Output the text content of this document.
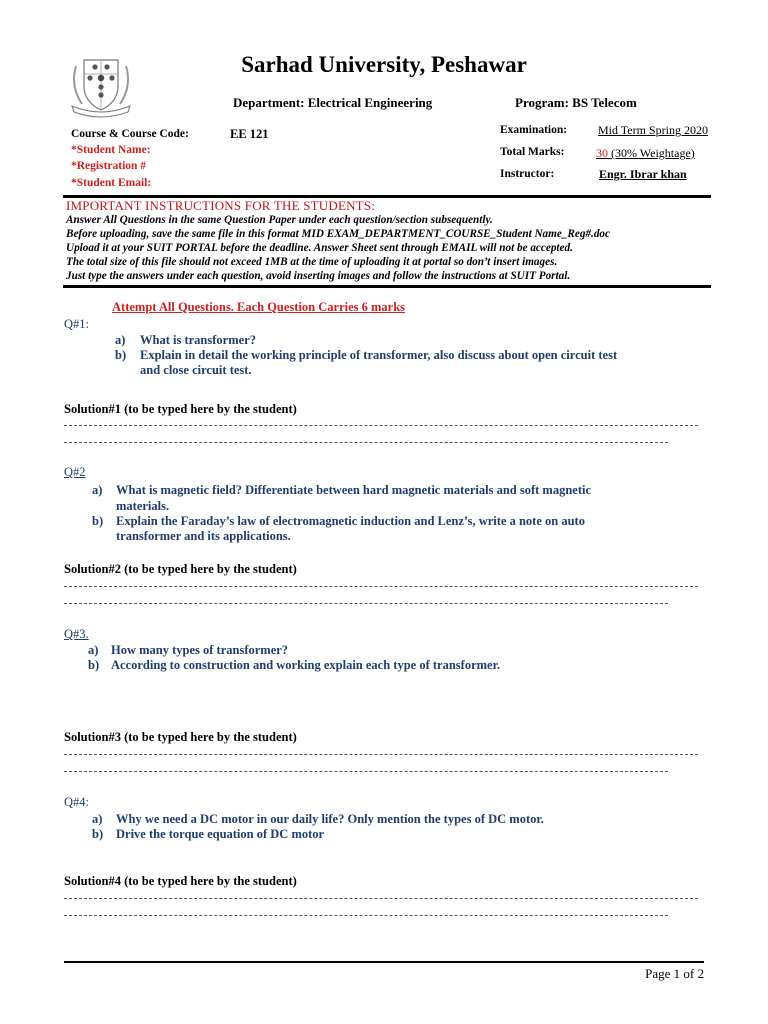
Sarhad University, Peshawar
Department: Electrical Engineering	Program: BS Telecom
Course & Course Code:	EE 121
*Student Name:
*Registration #
*Student Email:
Examination:	Mid Term Spring 2020
Total Marks:	30 (30% Weightage)
Instructor:	Engr. Ibrar khan
IMPORTANT INSTRUCTIONS FOR THE STUDENTS:
Answer All Questions in the same Question Paper under each question/section subsequently.
Before uploading, save the same file in this format MID EXAM_DEPARTMENT_COURSE_Student Name_Reg#.doc
Upload it at your SUIT PORTAL before the deadline. Answer Sheet sent through EMAIL will not be accepted.
The total size of this file should not exceed 1MB at the time of uploading it at portal so don’t insert images.
Just type the answers under each question, avoid inserting images and follow the instructions at SUIT Portal.
Attempt All Questions. Each Question Carries 6 marks
Q#1:
a) What is transformer?
b) Explain in detail the working principle of transformer, also discuss about open circuit test
and close circuit test.
Solution#1 (to be typed here by the student)
Q#2
a) What is magnetic field? Differentiate between hard magnetic materials and soft magnetic
materials.
b) Explain the Faraday’s law of electromagnetic induction and Lenz’s, write a note on auto
transformer and its applications.
Solution#2 (to be typed here by the student)
Q#3.
a) How many types of transformer?
b) According to construction and working explain each type of transformer.
Solution#3 (to be typed here by the student)
Q#4:
a) Why we need a DC motor in our daily life? Only mention the types of DC motor.
b) Drive the torque equation of DC motor
Solution#4 (to be typed here by the student)
Page 1 of 2
